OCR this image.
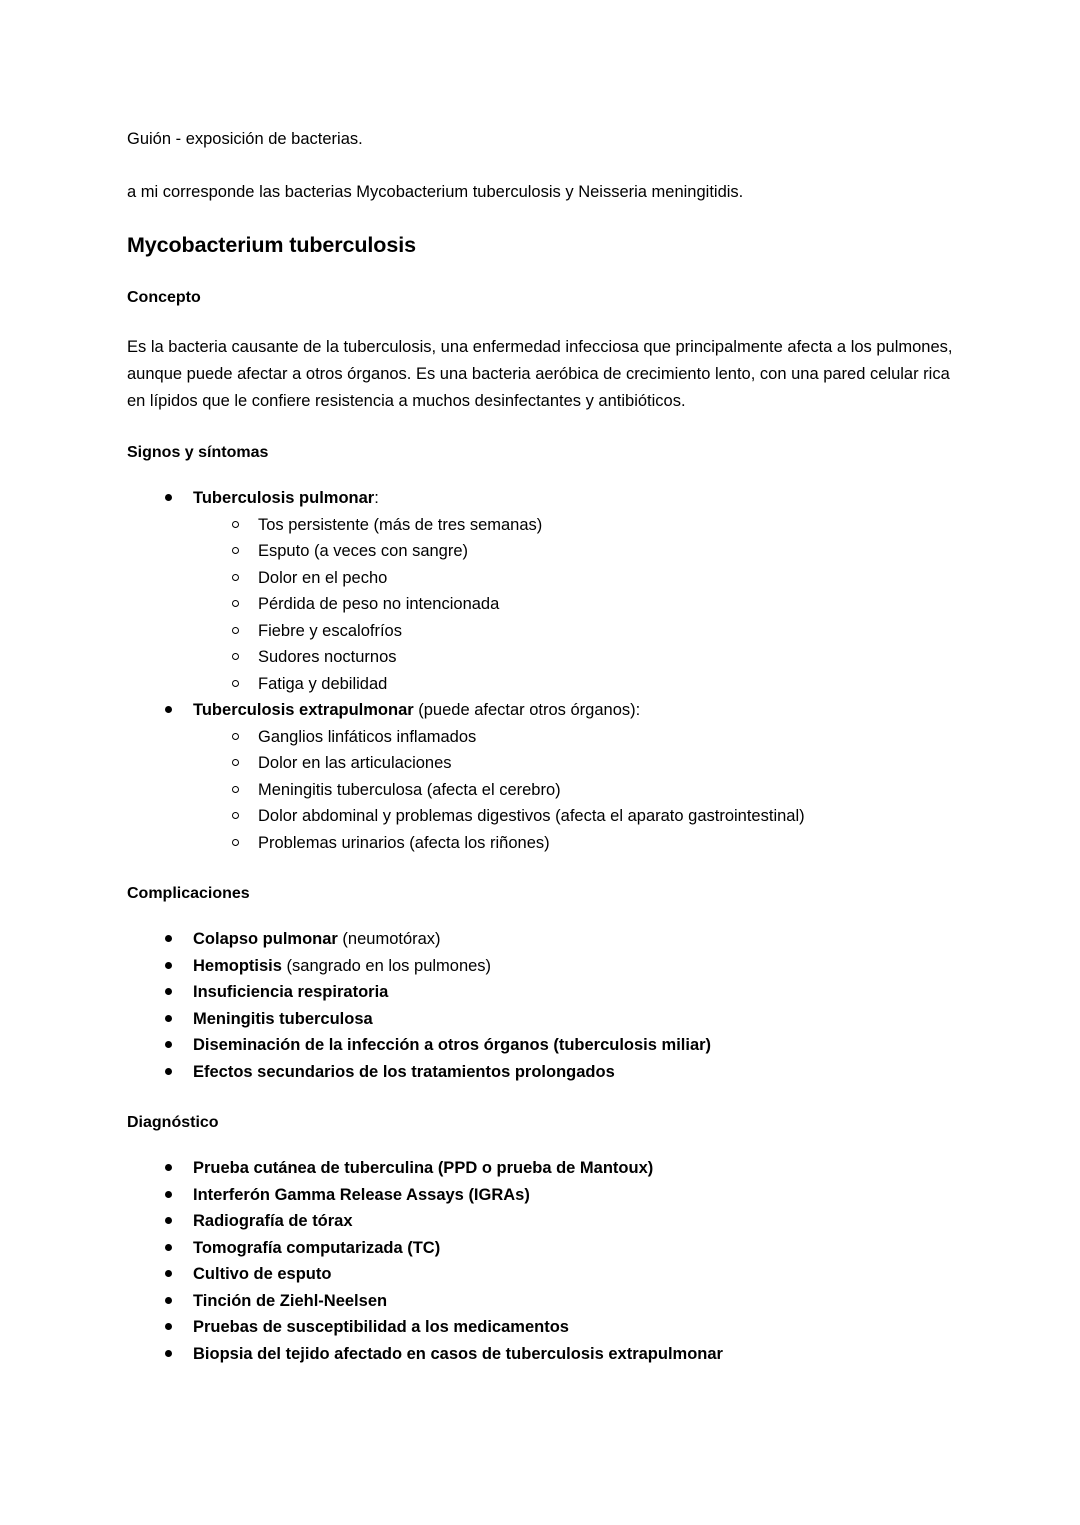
Guión - exposición de bacterias.

a mi corresponde las bacterias Mycobacterium tuberculosis y Neisseria meningitidis.

Mycobacterium tuberculosis
Concepto

Es la bacteria causante de la tuberculosis, una enfermedad infecciosa que principalmente afecta a los pulmones, aunque puede afectar a otros órganos. Es una bacteria aeróbica de crecimiento lento, con una pared celular rica en lípidos que le confiere resistencia a muchos desinfectantes y antibióticos.

Signos y síntomas
Tuberculosis pulmonar:
Tos persistente (más de tres semanas)
Esputo (a veces con sangre)
Dolor en el pecho
Pérdida de peso no intencionada
Fiebre y escalofríos
Sudores nocturnos
Fatiga y debilidad
Tuberculosis extrapulmonar (puede afectar otros órganos):
Ganglios linfáticos inflamados
Dolor en las articulaciones
Meningitis tuberculosa (afecta el cerebro)
Dolor abdominal y problemas digestivos (afecta el aparato gastrointestinal)
Problemas urinarios (afecta los riñones)
Complicaciones
Colapso pulmonar (neumotórax)
Hemoptisis (sangrado en los pulmones)
Insuficiencia respiratoria
Meningitis tuberculosa
Diseminación de la infección a otros órganos (tuberculosis miliar)
Efectos secundarios de los tratamientos prolongados
Diagnóstico
Prueba cutánea de tuberculina (PPD o prueba de Mantoux)
Interferón Gamma Release Assays (IGRAs)
Radiografía de tórax
Tomografía computarizada (TC)
Cultivo de esputo
Tinción de Ziehl-Neelsen
Pruebas de susceptibilidad a los medicamentos
Biopsia del tejido afectado en casos de tuberculosis extrapulmonar
